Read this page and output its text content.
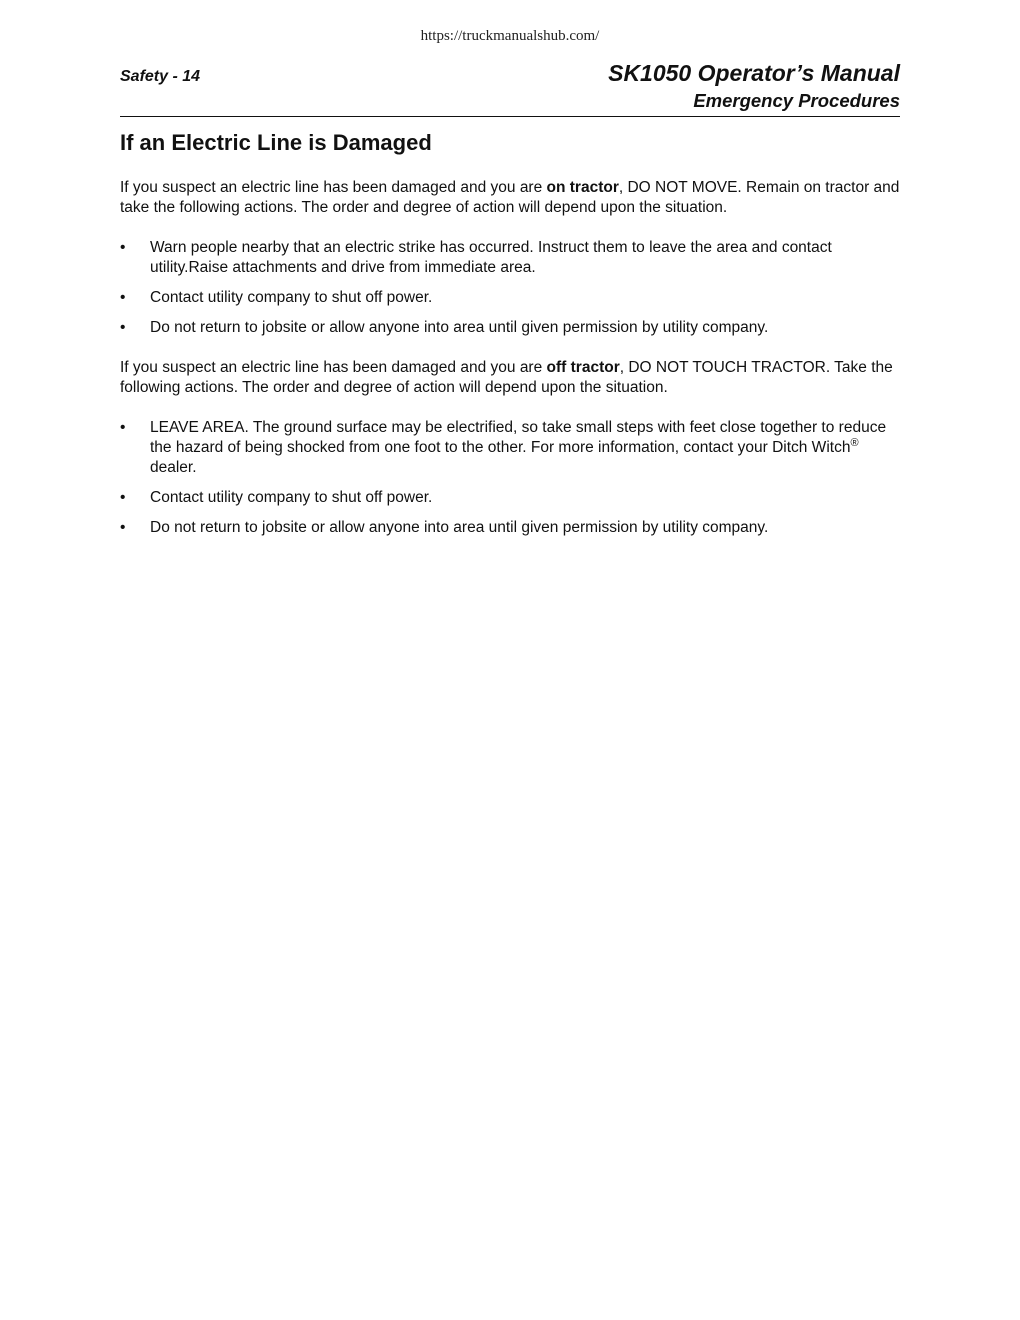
https://truckmanualshub.com/
Safety - 14	SK1050 Operator’s Manual
Emergency Procedures
If an Electric Line is Damaged

If you suspect an electric line has been damaged and you are on tractor, DO NOT MOVE. Remain on tractor and take the following actions. The order and degree of action will depend upon the situation.

• Warn people nearby that an electric strike has occurred. Instruct them to leave the area and contact utility.Raise attachments and drive from immediate area.
• Contact utility company to shut off power.
• Do not return to jobsite or allow anyone into area until given permission by utility company.

If you suspect an electric line has been damaged and you are off tractor, DO NOT TOUCH TRACTOR. Take the following actions. The order and degree of action will depend upon the situation.

• LEAVE AREA. The ground surface may be electrified, so take small steps with feet close together to reduce the hazard of being shocked from one foot to the other. For more information, contact your Ditch Witch® dealer.
• Contact utility company to shut off power.
• Do not return to jobsite or allow anyone into area until given permission by utility company.
